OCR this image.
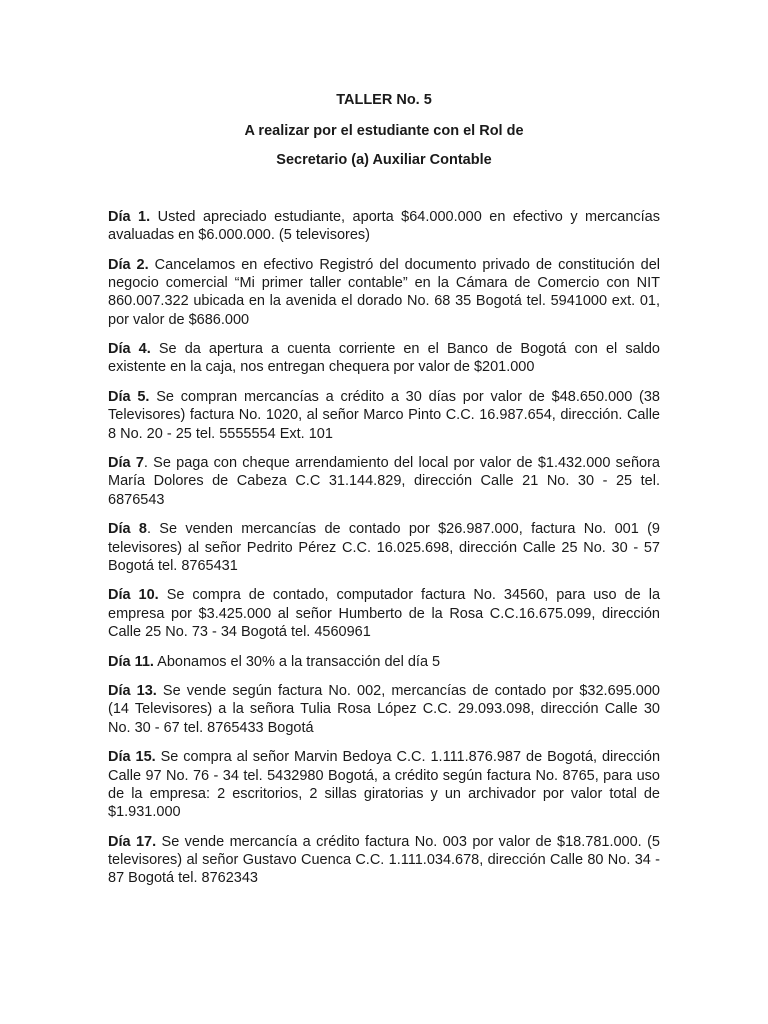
TALLER No. 5

A realizar por el estudiante con el Rol de

Secretario (a) Auxiliar Contable

Día 1. Usted apreciado estudiante, aporta $64.000.000 en efectivo y mercancías avaluadas en $6.000.000. (5 televisores)

Día 2. Cancelamos en efectivo Registró del documento privado de constitución del negocio comercial “Mi primer taller contable” en la Cámara de Comercio con NIT 860.007.322 ubicada en la avenida el dorado No. 68 35 Bogotá tel. 5941000 ext. 01, por valor de $686.000

Día 4. Se da apertura a cuenta corriente en el Banco de Bogotá con el saldo existente en la caja, nos entregan chequera por valor de $201.000

Día 5. Se compran mercancías a crédito a 30 días por valor de $48.650.000 (38 Televisores) factura No. 1020, al señor Marco Pinto C.C. 16.987.654, dirección. Calle 8 No. 20 - 25 tel. 5555554 Ext. 101

Día 7. Se paga con cheque arrendamiento del local por valor de $1.432.000 señora María Dolores de Cabeza C.C 31.144.829, dirección Calle 21 No. 30 - 25 tel. 6876543

Día 8. Se venden mercancías de contado por $26.987.000, factura No. 001 (9 televisores) al señor Pedrito Pérez C.C. 16.025.698, dirección Calle 25 No. 30 - 57 Bogotá tel. 8765431

Día 10. Se compra de contado, computador factura No. 34560, para uso de la empresa por $3.425.000 al señor Humberto de la Rosa C.C.16.675.099, dirección Calle 25 No. 73 - 34 Bogotá tel. 4560961

Día 11. Abonamos el 30% a la transacción del día 5

Día 13. Se vende según factura No. 002, mercancías de contado por $32.695.000 (14 Televisores) a la señora Tulia Rosa López C.C. 29.093.098, dirección Calle 30 No. 30 - 67 tel. 8765433 Bogotá

Día 15. Se compra al señor Marvin Bedoya C.C. 1.111.876.987 de Bogotá, dirección Calle 97 No. 76 - 34 tel. 5432980 Bogotá, a crédito según factura No. 8765, para uso de la empresa: 2 escritorios, 2 sillas giratorias y un archivador por valor total de $1.931.000

Día 17. Se vende mercancía a crédito factura No. 003 por valor de $18.781.000. (5 televisores) al señor Gustavo Cuenca C.C. 1.111.034.678, dirección Calle 80 No. 34 - 87 Bogotá tel. 8762343
